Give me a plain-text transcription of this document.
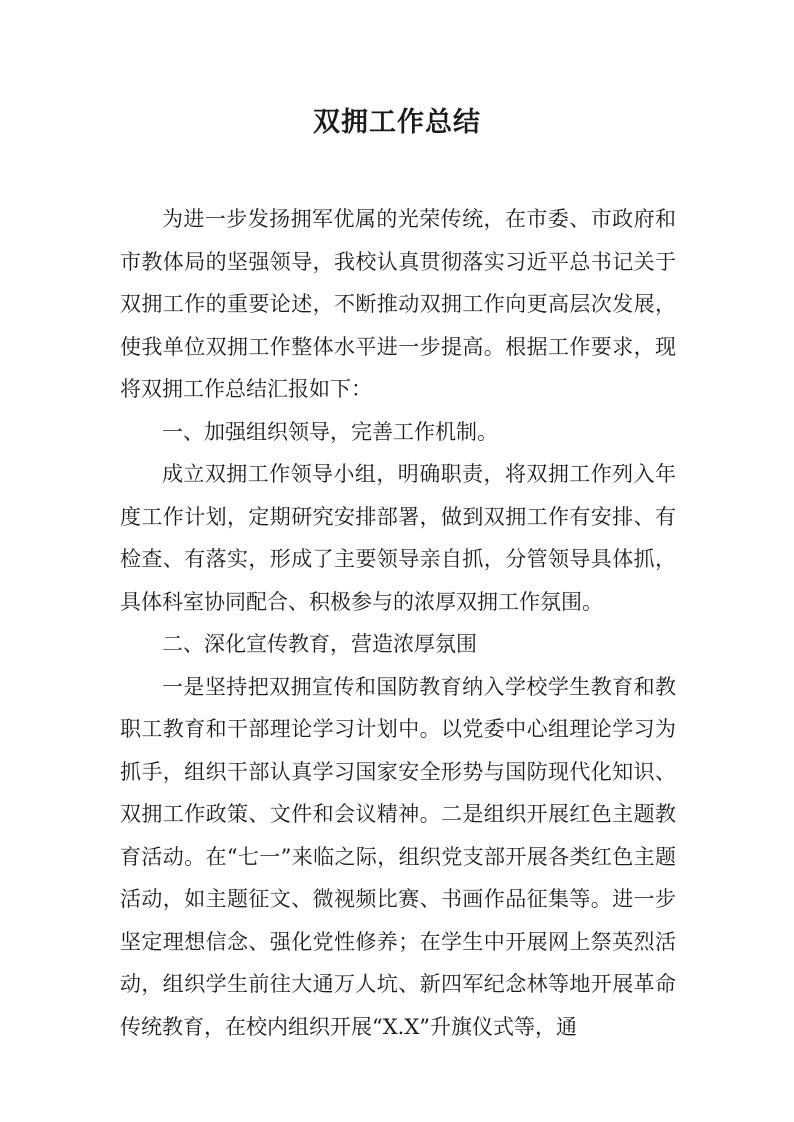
双拥工作总结

为进一步发扬拥军优属的光荣传统，在市委、市政府和市教体局的坚强领导，我校认真贯彻落实习近平总书记关于双拥工作的重要论述，不断推动双拥工作向更高层次发展，使我单位双拥工作整体水平进一步提高。根据工作要求，现将双拥工作总结汇报如下：

一、加强组织领导，完善工作机制。

成立双拥工作领导小组，明确职责，将双拥工作列入年度工作计划，定期研究安排部署，做到双拥工作有安排、有检查、有落实，形成了主要领导亲自抓，分管领导具体抓，具体科室协同配合、积极参与的浓厚双拥工作氛围。

二、深化宣传教育，营造浓厚氛围

一是坚持把双拥宣传和国防教育纳入学校学生教育和教职工教育和干部理论学习计划中。以党委中心组理论学习为抓手，组织干部认真学习国家安全形势与国防现代化知识、双拥工作政策、文件和会议精神。二是组织开展红色主题教育活动。在“七一”来临之际，组织党支部开展各类红色主题活动，如主题征文、微视频比赛、书画作品征集等。进一步坚定理想信念、强化党性修养；在学生中开展网上祭英烈活动，组织学生前往大通万人坑、新四军纪念林等地开展革命传统教育，在校内组织开展“X.X”升旗仪式等，通
